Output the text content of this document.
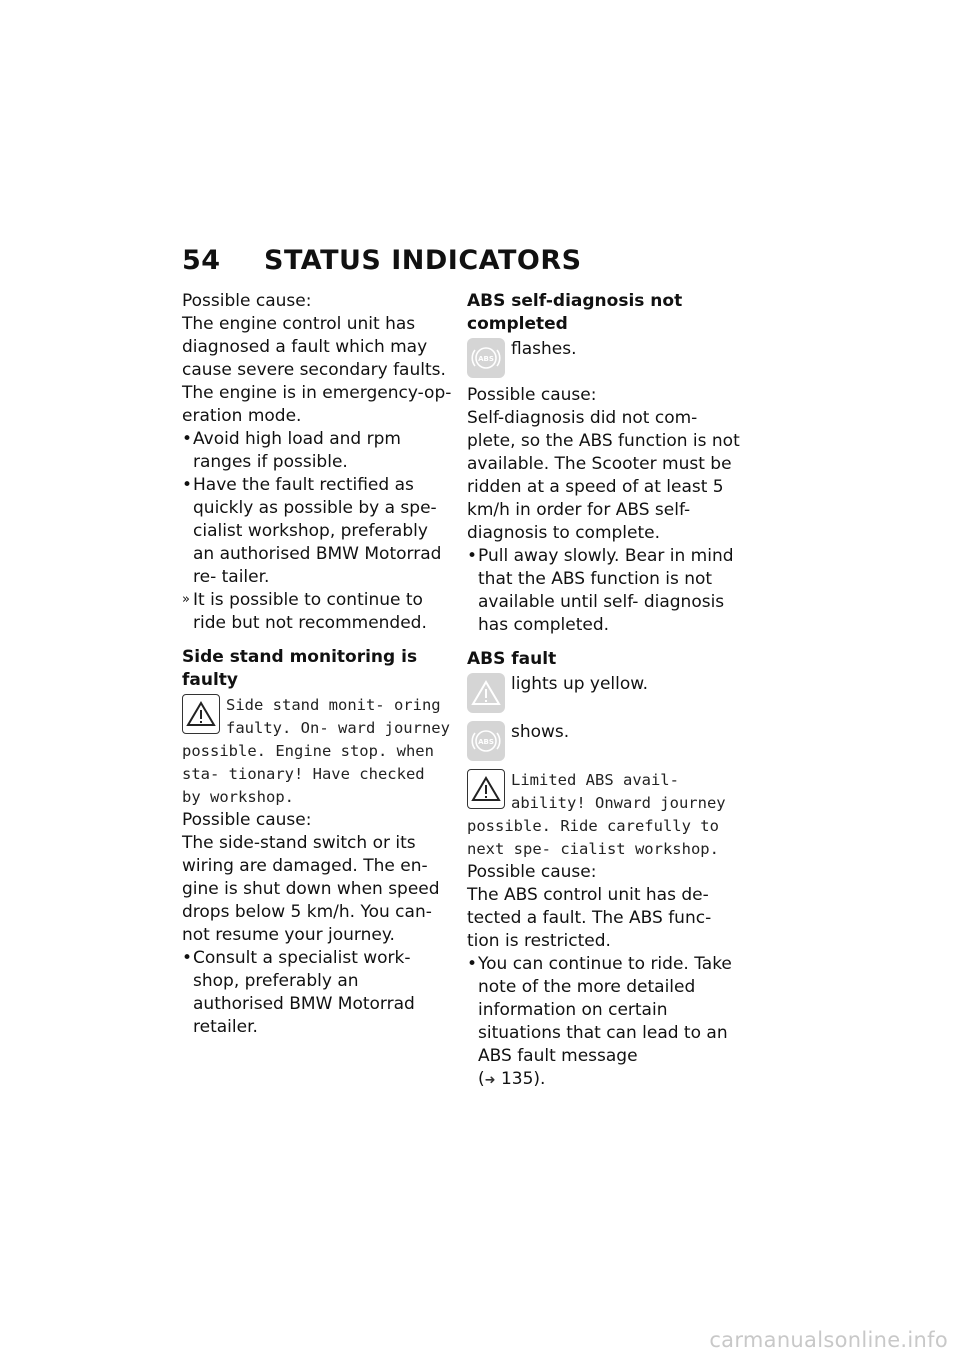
54 STATUS INDICATORS

Possible cause:

The engine control unit has diagnosed a fault which may cause severe secondary faults. The engine is in emergency-op- eration mode.

• Avoid high load and rpm ranges if possible.
• Have the fault rectified as quickly as possible by a spe- cialist workshop, preferably an authorised BMW Motorrad re- tailer.
» It is possible to continue to ride but not recommended.

Side stand monitoring is faulty

Side stand monit- oring faulty. On- ward journey possible. Engine stop. when sta- tionary! Have checked by workshop.

Possible cause:

The side-stand switch or its wiring are damaged. The en- gine is shut down when speed drops below 5 km/h. You can- not resume your journey.

• Consult a specialist work- shop, preferably an authorised BMW Motorrad retailer.

ABS self-diagnosis not completed

ABS flashes.

Possible cause:

Self-diagnosis did not com- plete, so the ABS function is not available. The Scooter must be ridden at a speed of at least 5 km/h in order for ABS self- diagnosis to complete.

• Pull away slowly. Bear in mind that the ABS function is not available until self- diagnosis has completed.

ABS fault

lights up yellow.
ABS shows.
Limited ABS avail- ability! Onward journey possible. Ride carefully to next spe- cialist workshop.

Possible cause:

The ABS control unit has de- tected a fault. The ABS func- tion is restricted.

• You can continue to ride. Take note of the more detailed information on certain situations that can lead to an ABS fault message
(➜ 135).
carmanualsonline.info
